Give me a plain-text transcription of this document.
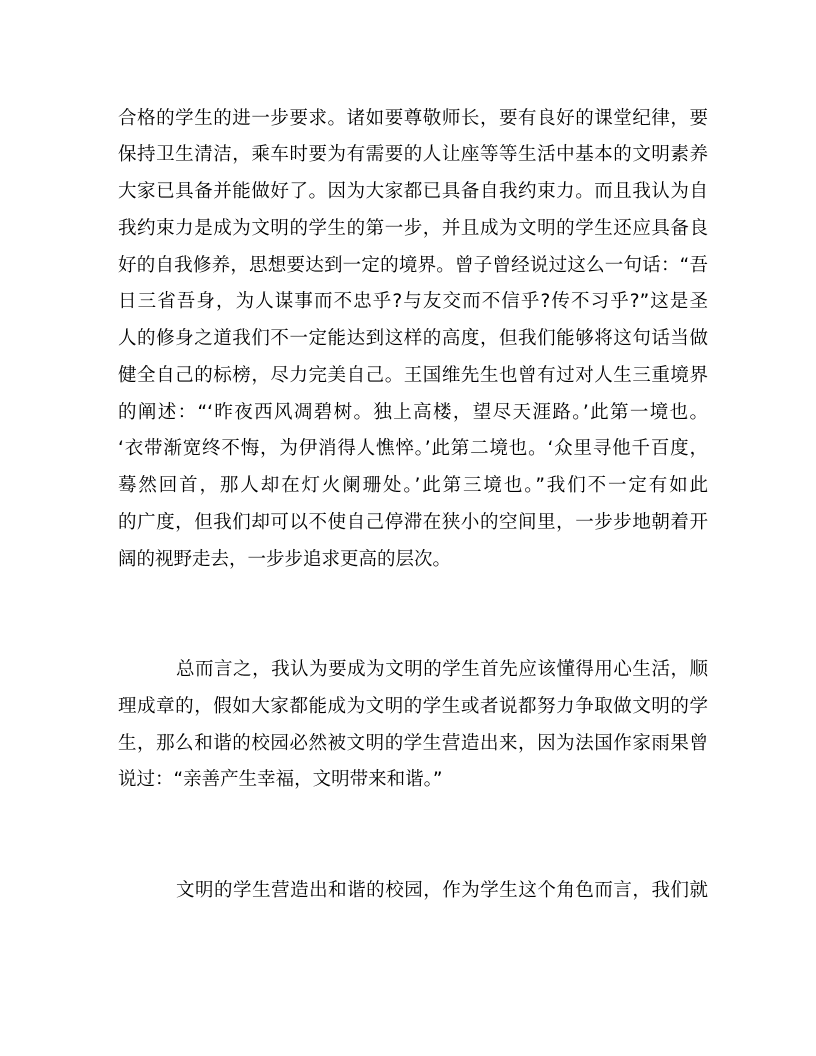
合格的学生的进一步要求。诸如要尊敬师长，要有良好的课堂纪律，要
保持卫生清洁，乘车时要为有需要的人让座等等生活中基本的文明素养
大家已具备并能做好了。因为大家都已具备自我约束力。而且我认为自
我约束力是成为文明的学生的第一步，并且成为文明的学生还应具备良
好的自我修养，思想要达到一定的境界。曾子曾经说过这么一句话：“吾
日三省吾身，为人谋事而不忠乎?与友交而不信乎?传不习乎?”这是圣
人的修身之道我们不一定能达到这样的高度，但我们能够将这句话当做
健全自己的标榜，尽力完美自己。王国维先生也曾有过对人生三重境界
的阐述：“‘昨夜西风凋碧树。独上高楼，望尽天涯路。’此第一境也。
‘衣带渐宽终不悔，为伊消得人憔悴。’此第二境也。‘众里寻他千百度，
蓦然回首，那人却在灯火阑珊处。’此第三境也。”我们不一定有如此
的广度，但我们却可以不使自己停滞在狭小的空间里，一步步地朝着开
阔的视野走去，一步步追求更高的层次。
总而言之，我认为要成为文明的学生首先应该懂得用心生活，顺
理成章的，假如大家都能成为文明的学生或者说都努力争取做文明的学
生，那么和谐的校园必然被文明的学生营造出来，因为法国作家雨果曾
说过：“亲善产生幸福，文明带来和谐。”
文明的学生营造出和谐的校园，作为学生这个角色而言，我们就
